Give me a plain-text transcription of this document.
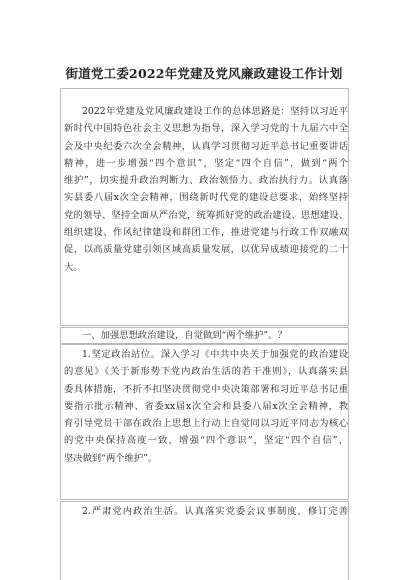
街道党工委2022年党建及党风廉政建设工作计划
2022年党建及党风廉政建设工作的总体思路是：坚持以习近平
新时代中国特色社会主义思想为指导，深入学习党的十九届六中全
会及中央纪委六次全会精神，认真学习贯彻习近平总书记重要讲话
精神，进一步增强“四个意识”，坚定“四个自信”，做到“两个
维护”，切实提升政治判断力、政治领悟力、政治执行力。认真落
实县委八届x次全会精神，围绕新时代党的建设总要求，始终坚持
党的领导、坚持全面从严治党，统筹抓好党的政治建设、思想建设、
组织建设、作风纪律建设和群团工作，推进党建与行政工作双融双
促，以高质量党建引领区域高质量发展，以优异成绩迎接党的二十
大。
一、加强思想政治建设，自觉做到“两个维护”。？
1.坚定政治站位。深入学习《中共中央关于加强党的政治建设
的意见》《关于新形势下党内政治生活的若干准则》，认真落实县
委具体措施，不折不扣坚决贯彻党中央决策部署和习近平总书记重
要指示批示精神、省委xx届x次全会和县委八届x次全会精神，教
育引导党员干部在政治上思想上行动上自觉同以习近平同志为核心
的党中央保持高度一致，增强“四个意识”，坚定“四个自信”，
坚决做到“两个维护”。
2.严肃党内政治生活。认真落实党委会议事制度，修订完善
